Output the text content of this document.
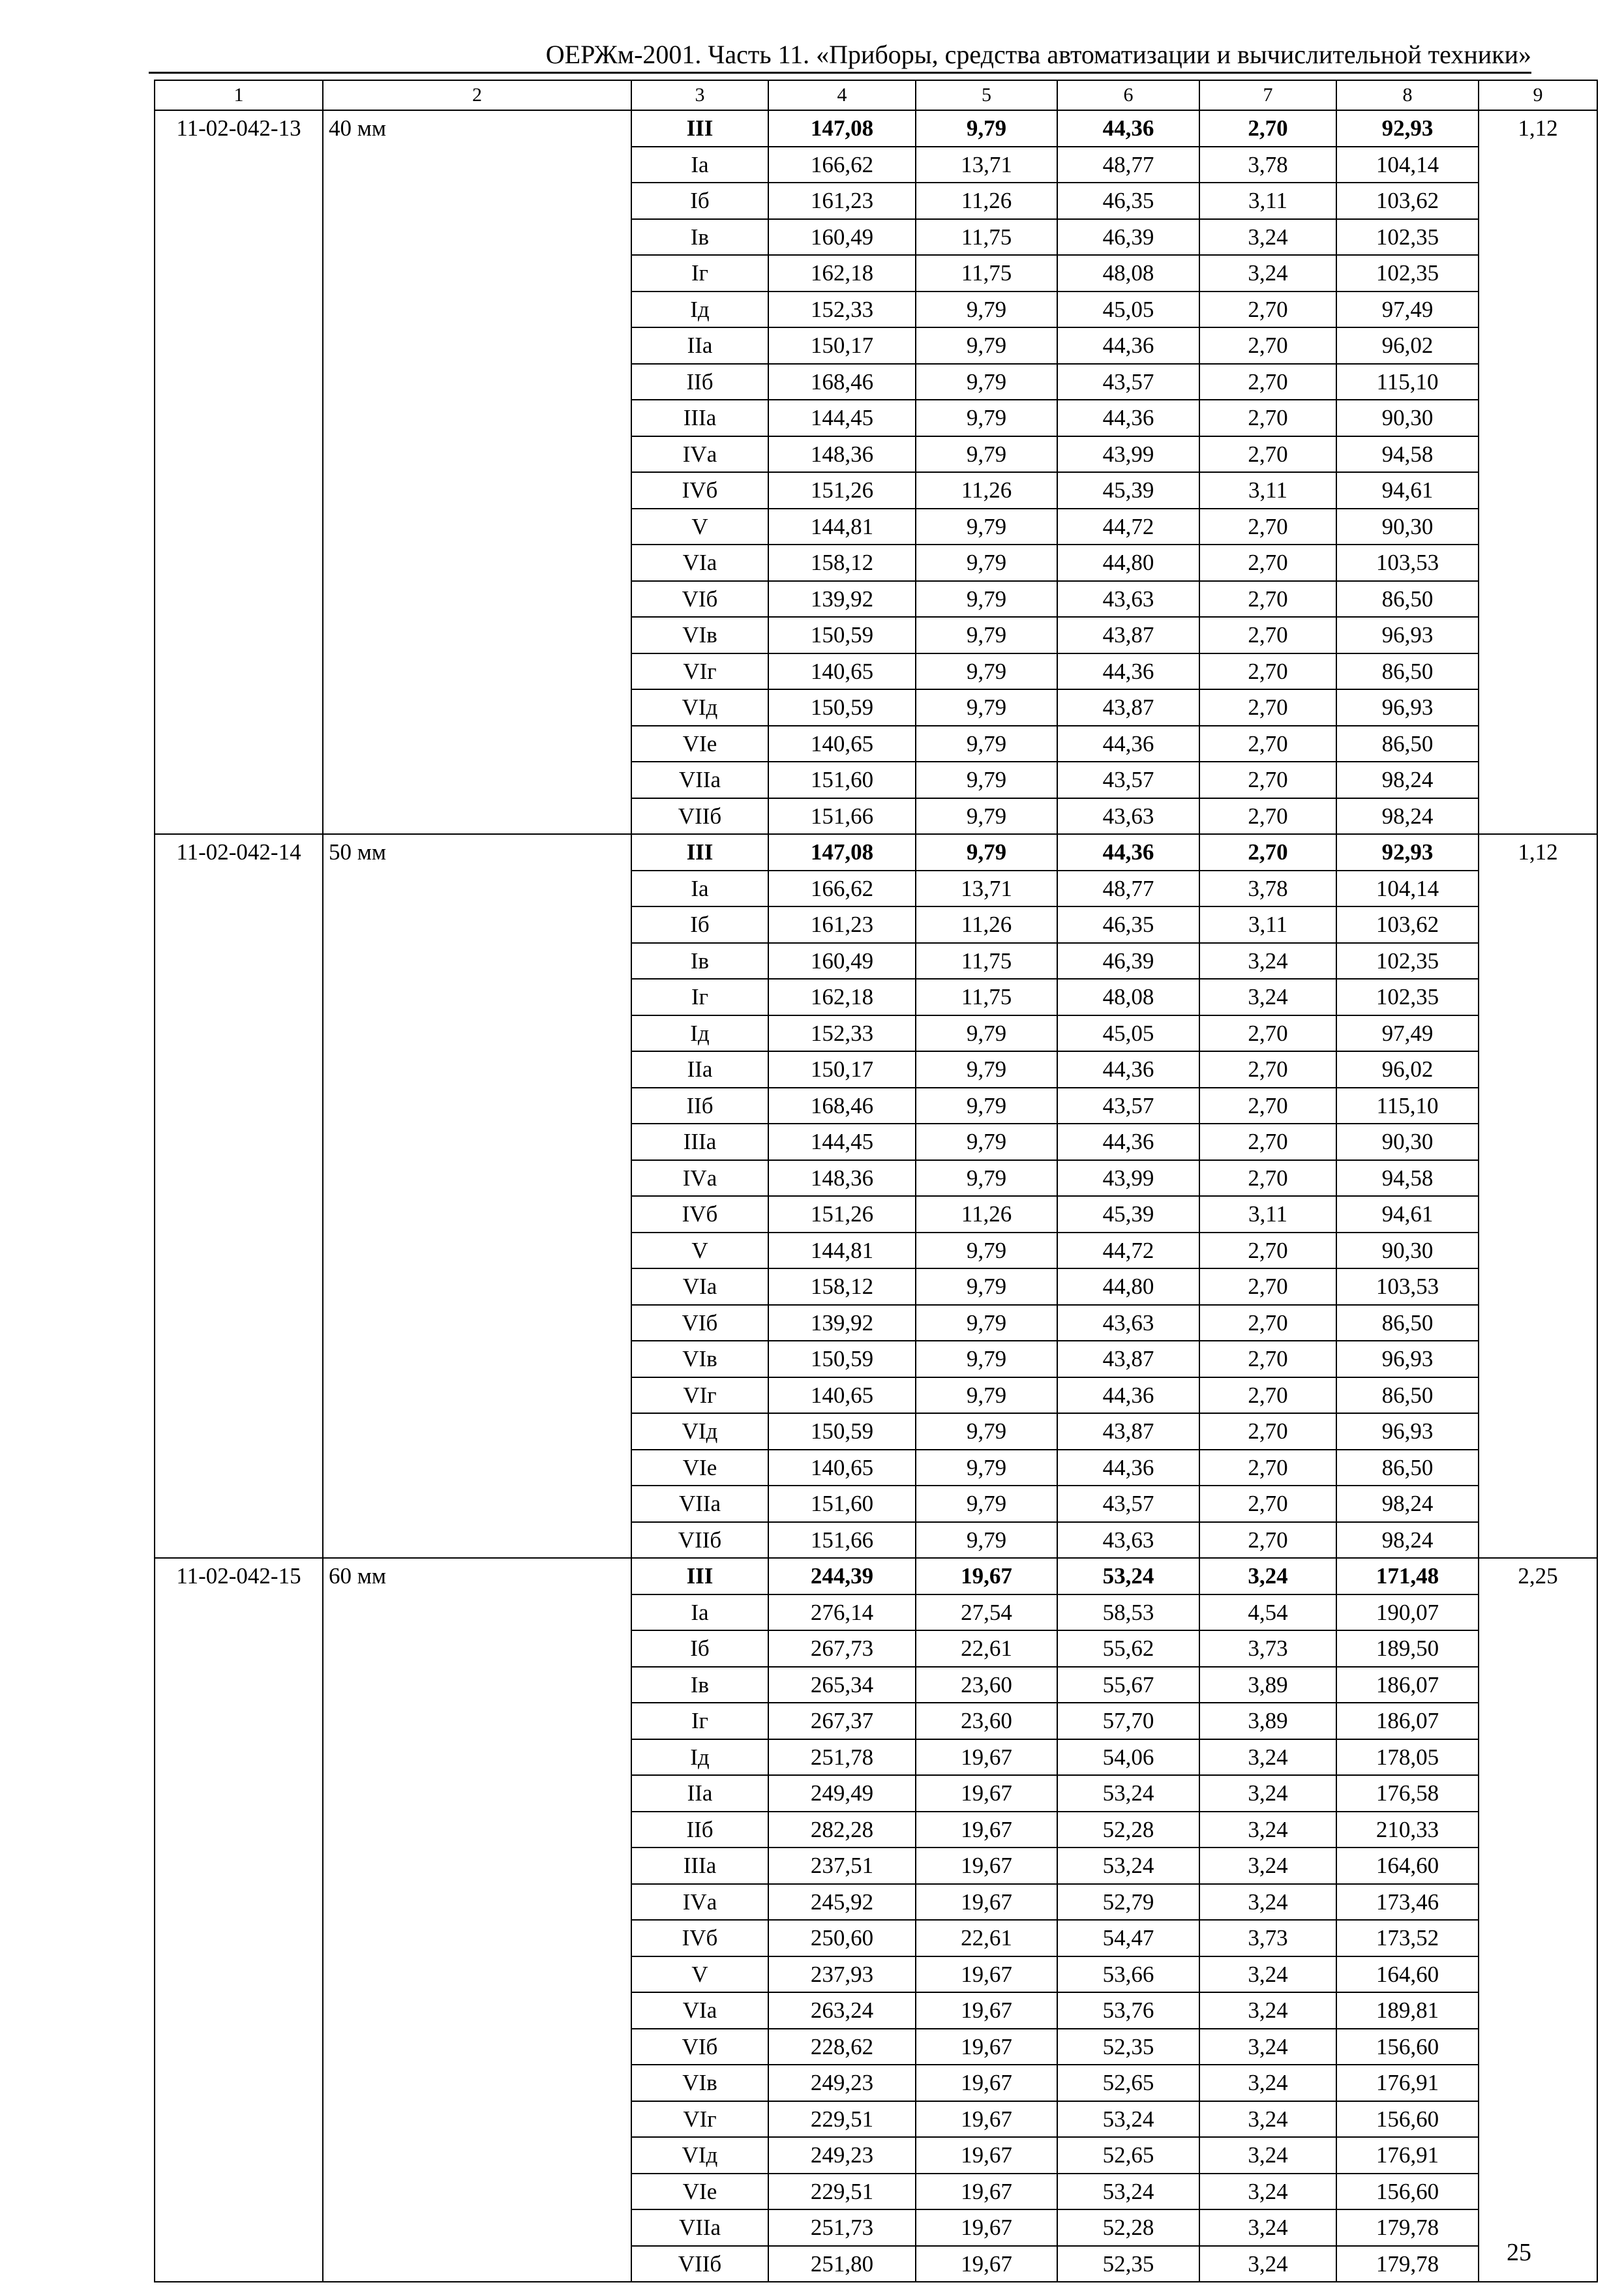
ОЕРЖм-2001. Часть 11. «Приборы, средства автоматизации и вычислительной техники»
1	2	3	4	5	6	7	8	9
11-02-042-13	40 мм	III	147,08	9,79	44,36	2,70	92,93	1,12
		Iа	166,62	13,71	48,77	3,78	104,14	
		Iб	161,23	11,26	46,35	3,11	103,62	
		Iв	160,49	11,75	46,39	3,24	102,35	
		Iг	162,18	11,75	48,08	3,24	102,35	
		Iд	152,33	9,79	45,05	2,70	97,49	
		IIа	150,17	9,79	44,36	2,70	96,02	
		IIб	168,46	9,79	43,57	2,70	115,10	
		IIIа	144,45	9,79	44,36	2,70	90,30	
		IVа	148,36	9,79	43,99	2,70	94,58	
		IVб	151,26	11,26	45,39	3,11	94,61	
		V	144,81	9,79	44,72	2,70	90,30	
		VIа	158,12	9,79	44,80	2,70	103,53	
		VIб	139,92	9,79	43,63	2,70	86,50	
		VIв	150,59	9,79	43,87	2,70	96,93	
		VIг	140,65	9,79	44,36	2,70	86,50	
		VIд	150,59	9,79	43,87	2,70	96,93	
		VIе	140,65	9,79	44,36	2,70	86,50	
		VIIа	151,60	9,79	43,57	2,70	98,24	
		VIIб	151,66	9,79	43,63	2,70	98,24	
11-02-042-14	50 мм	III	147,08	9,79	44,36	2,70	92,93	1,12
		Iа	166,62	13,71	48,77	3,78	104,14	
		Iб	161,23	11,26	46,35	3,11	103,62	
		Iв	160,49	11,75	46,39	3,24	102,35	
		Iг	162,18	11,75	48,08	3,24	102,35	
		Iд	152,33	9,79	45,05	2,70	97,49	
		IIа	150,17	9,79	44,36	2,70	96,02	
		IIб	168,46	9,79	43,57	2,70	115,10	
		IIIа	144,45	9,79	44,36	2,70	90,30	
		IVа	148,36	9,79	43,99	2,70	94,58	
		IVб	151,26	11,26	45,39	3,11	94,61	
		V	144,81	9,79	44,72	2,70	90,30	
		VIа	158,12	9,79	44,80	2,70	103,53	
		VIб	139,92	9,79	43,63	2,70	86,50	
		VIв	150,59	9,79	43,87	2,70	96,93	
		VIг	140,65	9,79	44,36	2,70	86,50	
		VIд	150,59	9,79	43,87	2,70	96,93	
		VIе	140,65	9,79	44,36	2,70	86,50	
		VIIа	151,60	9,79	43,57	2,70	98,24	
		VIIб	151,66	9,79	43,63	2,70	98,24	
11-02-042-15	60 мм	III	244,39	19,67	53,24	3,24	171,48	2,25
		Iа	276,14	27,54	58,53	4,54	190,07	
		Iб	267,73	22,61	55,62	3,73	189,50	
		Iв	265,34	23,60	55,67	3,89	186,07	
		Iг	267,37	23,60	57,70	3,89	186,07	
		Iд	251,78	19,67	54,06	3,24	178,05	
		IIа	249,49	19,67	53,24	3,24	176,58	
		IIб	282,28	19,67	52,28	3,24	210,33	
		IIIа	237,51	19,67	53,24	3,24	164,60	
		IVа	245,92	19,67	52,79	3,24	173,46	
		IVб	250,60	22,61	54,47	3,73	173,52	
		V	237,93	19,67	53,66	3,24	164,60	
		VIа	263,24	19,67	53,76	3,24	189,81	
		VIб	228,62	19,67	52,35	3,24	156,60	
		VIв	249,23	19,67	52,65	3,24	176,91	
		VIг	229,51	19,67	53,24	3,24	156,60	
		VIд	249,23	19,67	52,65	3,24	176,91	
		VIе	229,51	19,67	53,24	3,24	156,60	
		VIIа	251,73	19,67	52,28	3,24	179,78	
		VIIб	251,80	19,67	52,35	3,24	179,78		25
